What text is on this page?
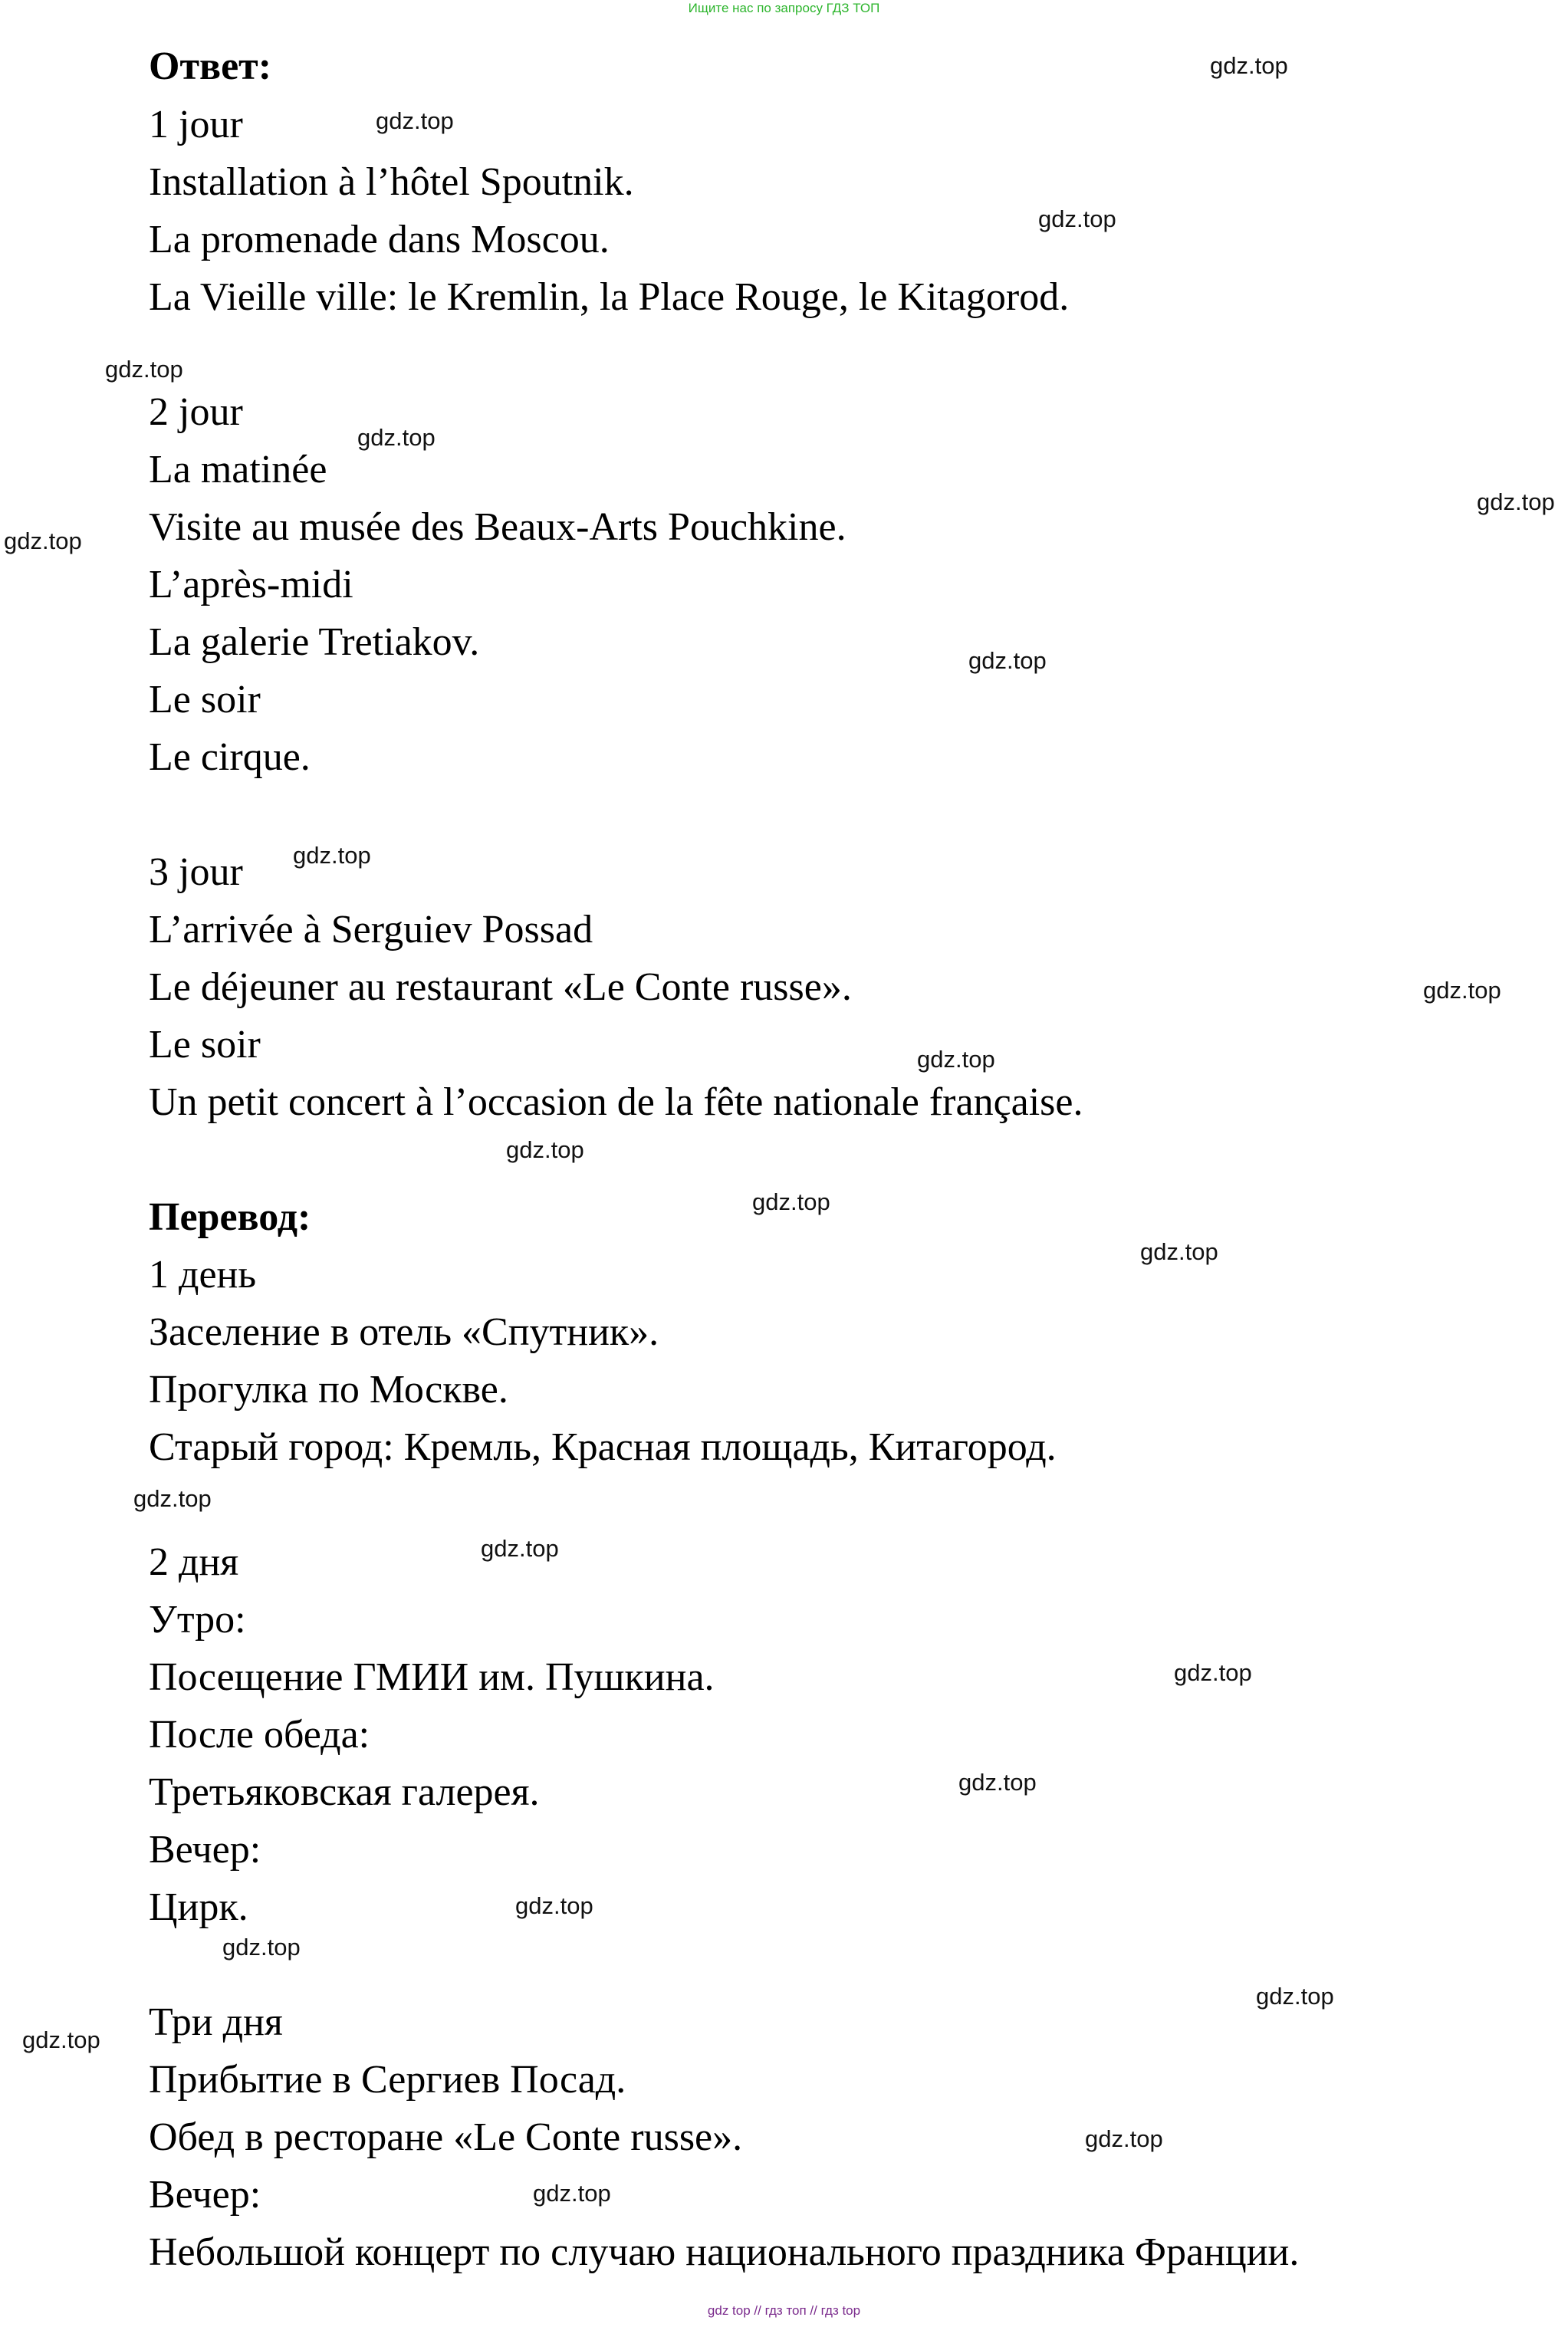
Ищите нас по запросу ГДЗ ТОП
Ответ:
1 jour
Installation à l’hôtel Spoutnik.
La promenade dans Moscou.
La Vieille ville: le Kremlin, la Place Rouge, le Kitagorod.
2 jour
La matinée
Visite au musée des Beaux-Arts Pouchkine.
L’après-midi
La galerie Tretiakov.
Le soir
Le cirque.
3 jour
L’arrivée à Serguiev Possad
Le déjeuner au restaurant «Le Conte russe».
Le soir
Un petit concert à l’occasion de la fête nationale française.
Перевод:
1 день
Заселение в отель «Спутник».
Прогулка по Москве.
Старый город: Кремль, Красная площадь, Китагород.
2 дня
Утро:
Посещение ГМИИ им. Пушкина.
После обеда:
Третьяковская галерея.
Вечер:
Цирк.
Три дня
Прибытие в Сергиев Посад.
Обед в ресторане «Le Conte russe».
Вечер:
Небольшой концерт по случаю национального праздника Франции.
gdz.top
gdz.top
gdz.top
gdz.top
gdz.top
gdz.top
gdz.top
gdz.top
gdz.top
gdz.top
gdz.top
gdz.top
gdz.top
gdz.top
gdz.top
gdz.top
gdz.top
gdz.top
gdz.top
gdz.top
gdz.top
gdz.top
gdz.top
gdz.top
gdz top // гдз топ // гдз top
